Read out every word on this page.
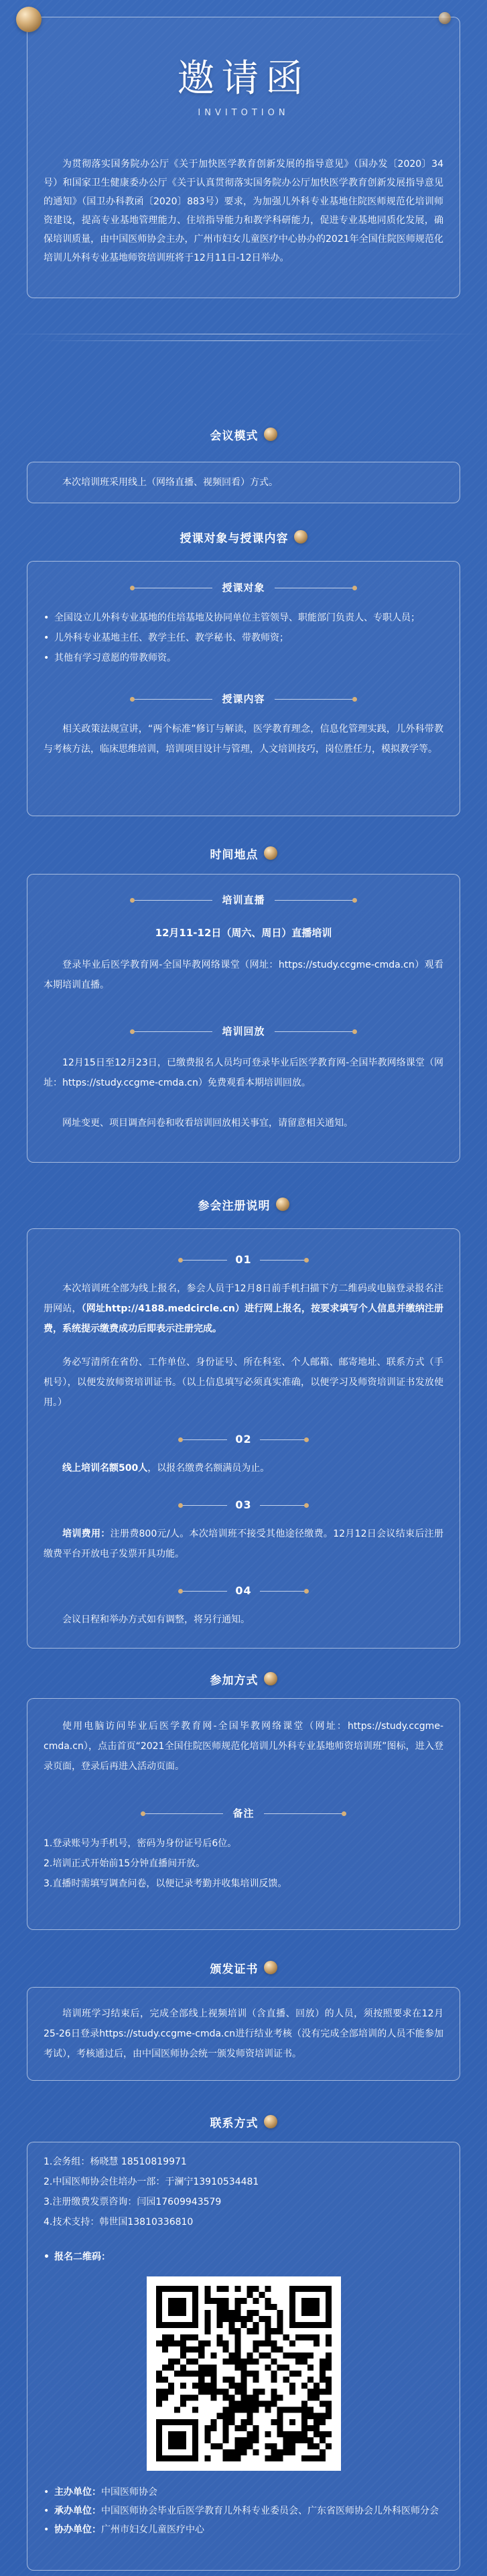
邀请函
INVITOTION

为贯彻落实国务院办公厅《关于加快医学教育创新发展的指导意见》（国办发〔2020〕34号）和国家卫生健康委办公厅《关于认真贯彻落实国务院办公厅加快医学教育创新发展指导意见的通知》（国卫办科教函〔2020〕883号）要求，为加强儿外科专业基地住院医师规范化培训师资建设，提高专业基地管理能力、住培指导能力和教学科研能力，促进专业基地同质化发展，确保培训质量，由中国医师协会主办，广州市妇女儿童医疗中心协办的2021年全国住院医师规范化培训儿外科专业基地师资培训班将于12月11日-12日举办。

会议模式

本次培训班采用线上（网络直播、视频回看）方式。

授课对象与授课内容
授课对象
• 全国设立儿外科专业基地的住培基地及协同单位主管领导、职能部门负责人、专职人员；
• 儿外科专业基地主任、教学主任、教学秘书、带教师资；
• 其他有学习意愿的带教师资。
授课内容

相关政策法规宣讲，“两个标准”修订与解读，医学教育理念，信息化管理实践，儿外科带教与考核方法，临床思维培训，培训项目设计与管理，人文培训技巧，岗位胜任力，模拟教学等。

时间地点
培训直播
12月11-12日（周六、周日）直播培训

登录毕业后医学教育网-全国毕教网络课堂（网址：https://study.ccgme-cmda.cn）观看本期培训直播。

培训回放

12月15日至12月23日，已缴费报名人员均可登录毕业后医学教育网-全国毕教网络课堂（网址：https://study.ccgme-cmda.cn）免费观看本期培训回放。

网址变更、项目调查问卷和收看培训回放相关事宜，请留意相关通知。

参会注册说明
01

本次培训班全部为线上报名，参会人员于12月8日前手机扫描下方二维码或电脑登录报名注册网站，（网址http://4188.medcircle.cn）进行网上报名，按要求填写个人信息并缴纳注册费，系统提示缴费成功后即表示注册完成。

务必写清所在省份、工作单位、身份证号、所在科室、个人邮箱、邮寄地址、联系方式（手机号），以便发放师资培训证书。（以上信息填写必须真实准确，以便学习及师资培训证书发放使用。）

02

线上培训名额500人，以报名缴费名额满员为止。

03

培训费用：注册费800元/人。本次培训班不接受其他途径缴费。12月12日会议结束后注册缴费平台开放电子发票开具功能。

04

会议日程和举办方式如有调整，将另行通知。

参加方式

使用电脑访问毕业后医学教育网-全国毕教网络课堂（网址：https://study.ccgme-cmda.cn），点击首页“2021全国住院医师规范化培训儿外科专业基地师资培训班”图标，进入登录页面，登录后再进入活动页面。

备注

1.登录账号为手机号，密码为身份证号后6位。

2.培训正式开始前15分钟直播间开放。

3.直播时需填写调查问卷，以便记录考勤并收集培训反馈。

颁发证书

培训班学习结束后，完成全部线上视频培训（含直播、回放）的人员，须按照要求在12月25-26日登录https://study.ccgme-cmda.cn进行结业考核（没有完成全部培训的人员不能参加考试），考核通过后，由中国医师协会统一颁发师资培训证书。

联系方式

1.会务组：杨晓慧 18510819971

2.中国医师协会住培办一部：于澜宁13910534481

3.注册缴费发票咨询：闫园17609943579

4.技术支持：韩世国13810336810

• 报名二维码：
• 主办单位：中国医师协会
• 承办单位：中国医师协会毕业后医学教育儿外科专业委员会、广东省医师协会儿外科医师分会
• 协办单位：广州市妇女儿童医疗中心
